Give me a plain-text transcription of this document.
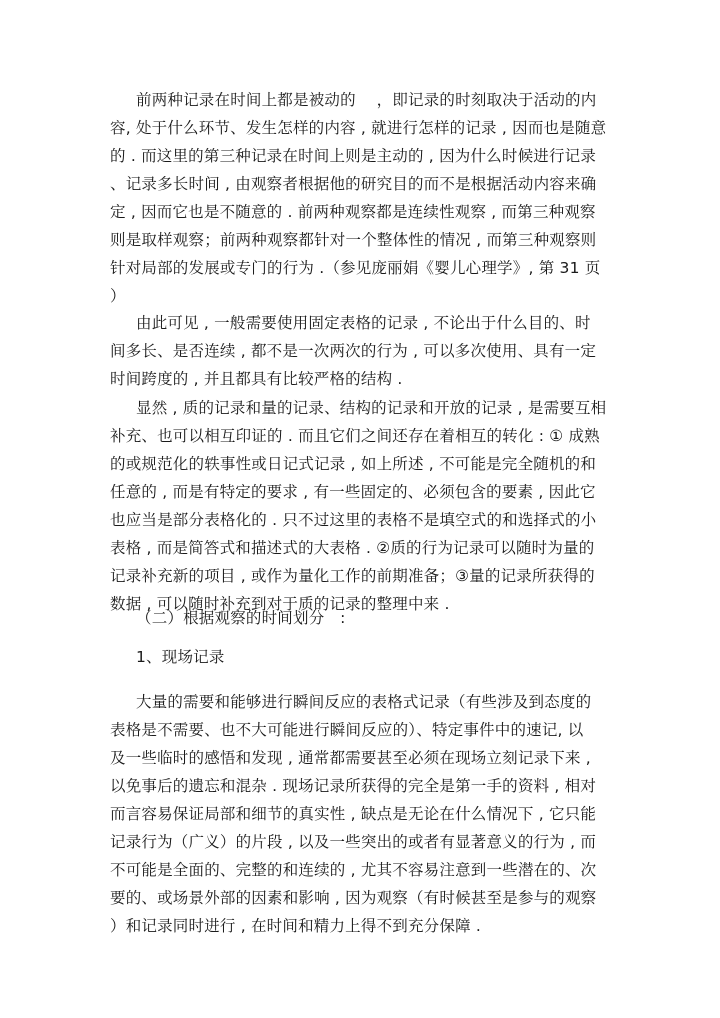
前两种记录在时间上都是被动的　 ，即记录的时刻取决于活动的内
容, 处于什么环节、发生怎样的内容 , 就进行怎样的记录 , 因而也是随意
的 . 而这里的第三种记录在时间上则是主动的 , 因为什么时候进行记录
、记录多长时间 , 由观察者根据他的研究目的而不是根据活动内容来确
定 , 因而它也是不随意的 . 前两种观察都是连续性观察 , 而第三种观察
则是取样观察；前两种观察都针对一个整体性的情况 , 而第三种观察则
针对局部的发展或专门的行为 .（参见庞丽娟《婴儿心理学》, 第 31 页
）
由此可见 , 一般需要使用固定表格的记录 , 不论出于什么目的、时
间多长、是否连续 , 都不是一次两次的行为 , 可以多次使用、具有一定
时间跨度的 , 并且都具有比较严格的结构 .
显然 , 质的记录和量的记录、结构的记录和开放的记录 , 是需要互相
补充、也可以相互印证的 . 而且它们之间还存在着相互的转化 : ① 成熟
的或规范化的轶事性或日记式记录 , 如上所述 , 不可能是完全随机的和
任意的 , 而是有特定的要求 , 有一些固定的、必须包含的要素 , 因此它
也应当是部分表格化的 . 只不过这里的表格不是填空式的和选择式的小
表格 , 而是简答式和描述式的大表格 . ②质的行为记录可以随时为量的
记录补充新的项目 , 或作为量化工作的前期准备；③量的记录所获得的
数据 , 可以随时补充到对于质的记录的整理中来 .
（二）根据观察的时间划分　:
1、现场记录
大量的需要和能够进行瞬间反应的表格式记录（有些涉及到态度的
表格是不需要、也不大可能进行瞬间反应的）、特定事件中的速记, 以
及一些临时的感悟和发现 , 通常都需要甚至必须在现场立刻记录下来 ,
以免事后的遗忘和混杂 . 现场记录所获得的完全是第一手的资料 , 相对
而言容易保证局部和细节的真实性 , 缺点是无论在什么情况下 , 它只能
记录行为（广义）的片段 , 以及一些突出的或者有显著意义的行为 , 而
不可能是全面的、完整的和连续的 , 尤其不容易注意到一些潜在的、次
要的、或场景外部的因素和影响 , 因为观察（有时候甚至是参与的观察
）和记录同时进行 , 在时间和精力上得不到充分保障 .
